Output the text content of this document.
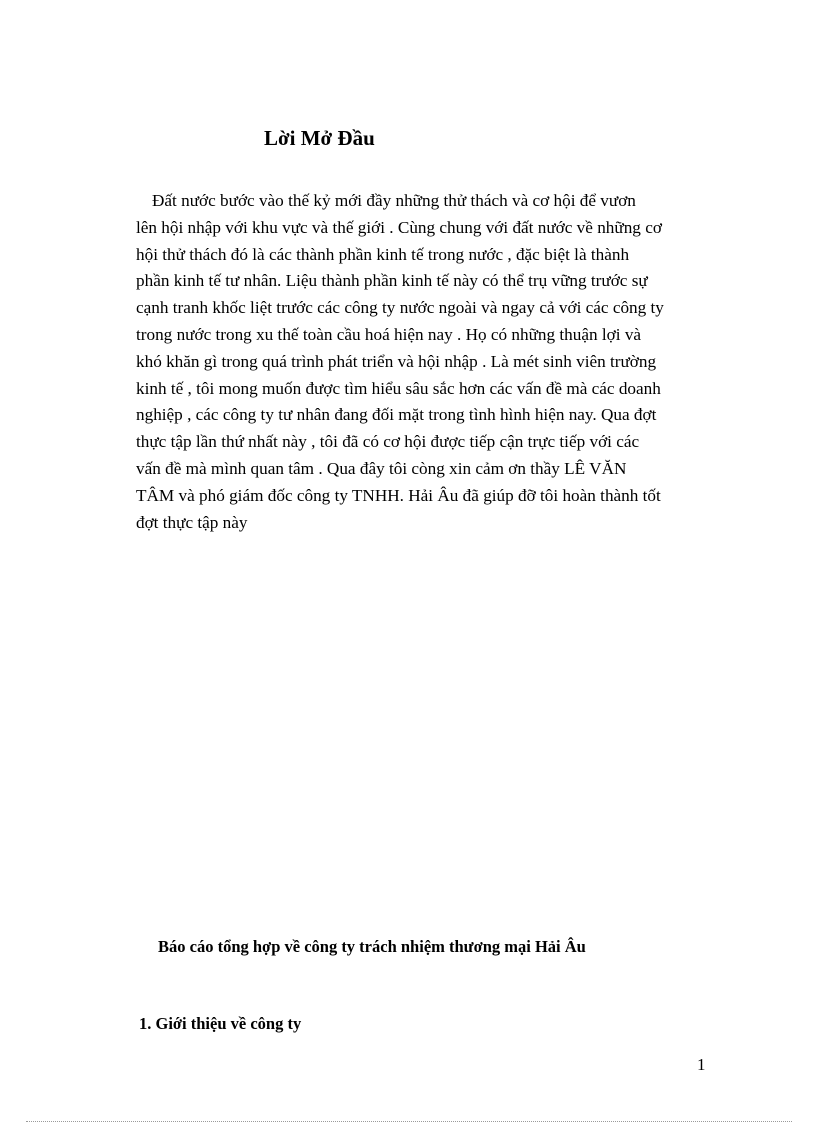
Lời Mở Đầu
Đất nước bước vào thế kỷ mới đầy những thử thách và cơ hội để vươn
lên hội nhập với khu vực và thế giới . Cùng chung với đất nước về những cơ
hội thử thách đó là các thành phần kinh tế trong nước , đặc biệt là thành
phần kinh tế tư nhân. Liệu thành phần kinh tế này có thể trụ vững trước sự
cạnh tranh khốc liệt trước các công ty nước ngoài và ngay cả với các công ty
trong nước trong xu thế toàn cầu hoá hiện nay . Họ có những thuận lợi và
khó khăn gì trong quá trình phát triển và hội nhập . Là mét sinh viên trường
kinh tế , tôi mong muốn được tìm hiểu sâu sắc hơn các vấn đề mà các doanh
nghiệp , các công ty tư nhân đang đối mặt trong tình hình hiện nay. Qua đợt
thực tập lần thứ nhất này , tôi đã có cơ hội được tiếp cận trực tiếp với các
vấn đề mà mình quan tâm . Qua đây tôi còng xin cảm ơn thầy LÊ VĂN
TÂM và phó giám đốc công ty TNHH. Hải Âu đã giúp đỡ tôi hoàn thành tốt
đợt thực tập này
Báo cáo tổng hợp về công ty trách nhiệm thương mại Hải Âu
1. Giới thiệu về công ty
1
